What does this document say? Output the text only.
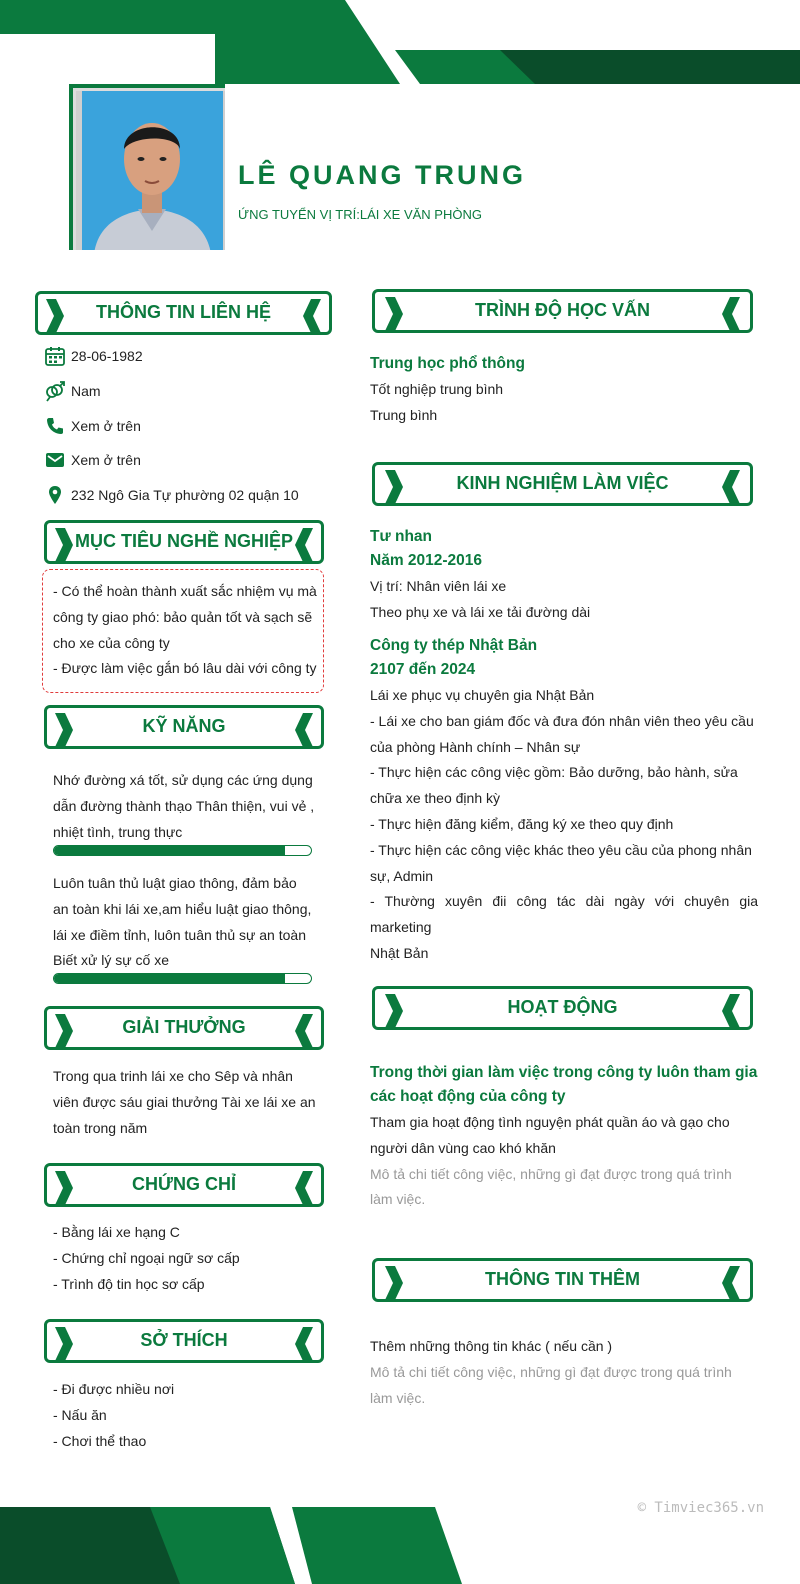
LÊ QUANG TRUNG
ỨNG TUYỂN VỊ TRÍ:LÁI XE VĂN PHÒNG
THÔNG TIN LIÊN HỆ
28-06-1982
Nam
Xem ở trên
Xem ở trên
232 Ngô Gia Tự phường 02 quận 10
MỤC TIÊU NGHỀ NGHIỆP
- Có thể hoàn thành xuất sắc nhiệm vụ mà
công ty giao phó: bảo quản tốt và sạch sẽ
cho xe của công ty
- Được làm việc gắn bó lâu dài với công ty
KỸ NĂNG
Nhớ đường xá tốt, sử dụng các ứng dụng
dẫn đường thành thạo Thân thiện, vui vẻ ,
nhiệt tình, trung thực
Luôn tuân thủ luật giao thông, đảm bảo
an toàn khi lái xe,am hiểu luật giao thông,
lái xe điềm tỉnh, luôn tuân thủ sự an toàn
Biết xử lý sự cố xe
GIẢI THƯỞNG
Trong qua trinh lái xe cho Sêp và nhân
viên được sáu giai thưởng Tài xe lái xe an
toàn trong năm
CHỨNG CHỈ
- Bằng lái xe hạng C
- Chứng chỉ ngoại ngữ sơ cấp
- Trình độ tin học sơ cấp
SỞ THÍCH
- Đi được nhiều nơi
- Nấu ăn
- Chơi thể thao
TRÌNH ĐỘ HỌC VẤN
Trung học phổ thông
Tốt nghiệp trung bình
Trung bình
KINH NGHIỆM LÀM VIỆC
Tư nhan
Năm 2012-2016
Vị trí: Nhân viên lái xe
Theo phụ xe và lái xe tải đường dài
Công ty thép Nhật Bản
2107 đến 2024
Lái xe phục vụ chuyên gia Nhật Bản
- Lái xe cho ban giám đốc và đưa đón nhân viên theo yêu cầu
của phòng Hành chính – Nhân sự
- Thực hiện các công việc gồm: Bảo dưỡng, bảo hành, sửa
chữa xe theo định kỳ
- Thực hiện đăng kiểm, đăng ký xe theo quy định
- Thực hiện các công việc khác theo yêu cầu của phong nhân
sự, Admin
- Thường xuyên đii công tác dài ngày với chuyên gia marketing
Nhật Bản
HOẠT ĐỘNG
Trong thời gian làm việc trong công ty luôn tham gia
các hoạt động của công ty
Tham gia hoạt động tình nguyện phát quần áo và gạo cho
người dân vùng cao khó khăn
Mô tả chi tiết công việc, những gì đạt được trong quá trình
làm việc.
THÔNG TIN THÊM
Thêm những thông tin khác ( nếu cần )
Mô tả chi tiết công việc, những gì đạt được trong quá trình
làm việc.
© Timviec365.vn
